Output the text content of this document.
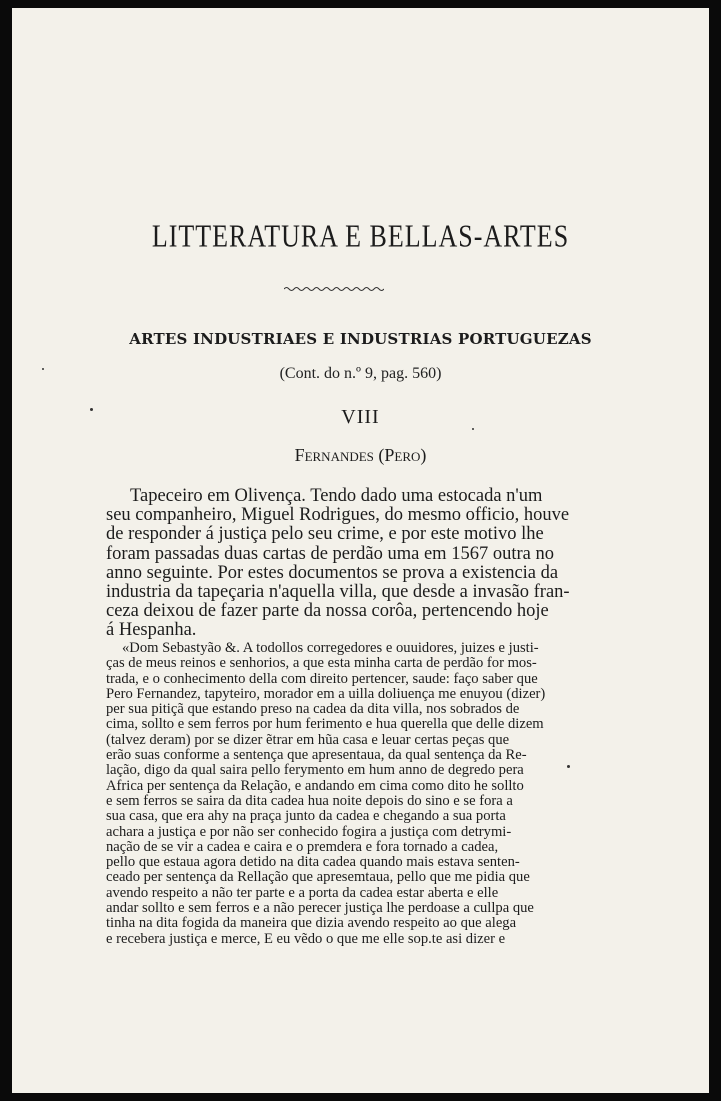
LITTERATURA E BELLAS-ARTES
ARTES INDUSTRIAES E INDUSTRIAS PORTUGUEZAS
(Cont. do n.º 9, pag. 560)
VIII
Fernandes (Pero)
Tapeceiro em Olivença. Tendo dado uma estocada n'um
seu companheiro, Miguel Rodrigues, do mesmo officio, houve
de responder á justiça pelo seu crime, e por este motivo lhe
foram passadas duas cartas de perdão uma em 1567 outra no
anno seguinte. Por estes documentos se prova a existencia da
industria da tapeçaria n'aquella villa, que desde a invasão fran-
ceza deixou de fazer parte da nossa corôa, pertencendo hoje
á Hespanha.
«Dom Sebastyão &. A todollos corregedores e ouuidores, juizes e justi-
ças de meus reinos e senhorios, a que esta minha carta de perdão for mos-
trada, e o conhecimento della com direito pertencer, saude: faço saber que
Pero Fernandez, tapyteiro, morador em a uilla doliuença me enuyou (dizer)
per sua pitiçã que estando preso na cadea da dita villa, nos sobrados de
cima, sollto e sem ferros por hum ferimento e hua querella que delle dizem
(talvez deram) por se dizer ẽtrar em hũa casa e leuar certas peças que
erão suas conforme a sentença que apresentaua, da qual sentença da Re-
lação, digo da qual saira pello ferymento em hum anno de degredo pera
Africa per sentença da Relação, e andando em cima como dito he sollto
e sem ferros se saira da dita cadea hua noite depois do sino e se fora a
sua casa, que era ahy na praça junto da cadea e chegando a sua porta
achara a justiça e por não ser conhecido fogira a justiça com detrymi-
nação de se vir a cadea e caira e o premdera e fora tornado a cadea,
pello que estaua agora detido na dita cadea quando mais estava senten-
ceado per sentença da Rellação que apresemtaua, pello que me pidia que
avendo respeito a não ter parte e a porta da cadea estar aberta e elle
andar sollto e sem ferros e a não perecer justiça lhe perdoase a cullpa que
tinha na dita fogida da maneira que dizia avendo respeito ao que alega
e recebera justiça e merce, E eu vẽdo o que me elle sop.te asi dizer e
